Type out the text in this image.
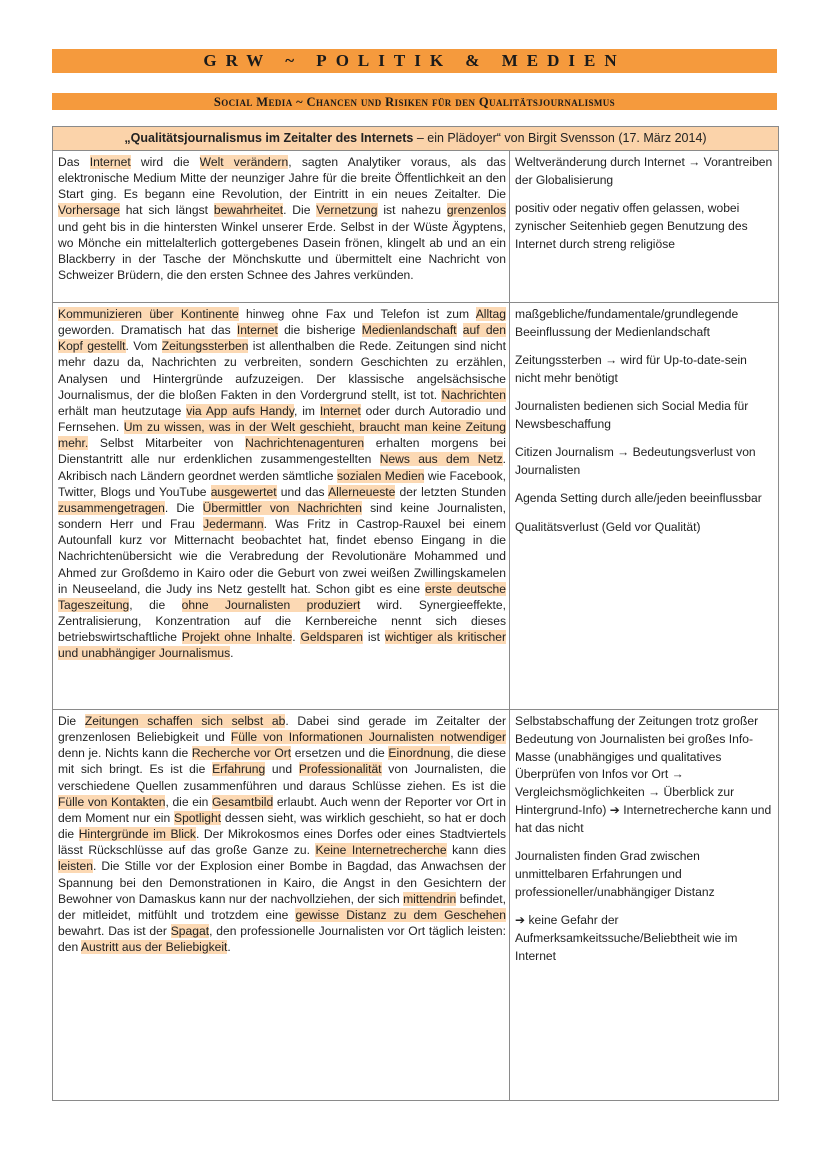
GRW ~ POLITIK & MEDIEN
Social Media ~ Chancen und Risiken für den Qualitätsjournalismus
„Qualitätsjournalismus im Zeitalter des Internets – ein Plädoyer“ von Birgit Svensson (17. März 2014)
Das Internet wird die Welt verändern, sagten Analytiker voraus, als das elektronische Medium Mitte der neunziger Jahre für die breite Öffentlichkeit an den Start ging. Es begann eine Revolution, der Eintritt in ein neues Zeitalter. Die Vorhersage hat sich längst bewahrheitet. Die Vernetzung ist nahezu grenzenlos und geht bis in die hintersten Winkel unserer Erde. Selbst in der Wüste Ägyptens, wo Mönche ein mittelalterlich gottergebenes Dasein frönen, klingelt ab und an ein Blackberry in der Tasche der Mönchskutte und übermittelt eine Nachricht von Schweizer Brüdern, die den ersten Schnee des Jahres verkünden.

Weltveränderung durch Internet → Vorantreiben der Globalisierung

positiv oder negativ offen gelassen, wobei zynischer Seitenhieb gegen Benutzung des Internet durch streng religiöse

Kommunizieren über Kontinente hinweg ohne Fax und Telefon ist zum Alltag geworden. Dramatisch hat das Internet die bisherige Medienlandschaft auf den Kopf gestellt. Vom Zeitungssterben ist allenthalben die Rede. Zeitungen sind nicht mehr dazu da, Nachrichten zu verbreiten, sondern Geschichten zu erzählen, Analysen und Hintergründe aufzuzeigen. Der klassische angelsächsische Journalismus, der die bloßen Fakten in den Vordergrund stellt, ist tot. Nachrichten erhält man heutzutage via App aufs Handy, im Internet oder durch Autoradio und Fernsehen. Um zu wissen, was in der Welt geschieht, braucht man keine Zeitung mehr. Selbst Mitarbeiter von Nachrichtenagenturen erhalten morgens bei Dienstantritt alle nur erdenklichen zusammengestellten News aus dem Netz. Akribisch nach Ländern geordnet werden sämtliche sozialen Medien wie Facebook, Twitter, Blogs und YouTube ausgewertet und das Allerneueste der letzten Stunden zusammengetragen. Die Übermittler von Nachrichten sind keine Journalisten, sondern Herr und Frau Jedermann. Was Fritz in Castrop-Rauxel bei einem Autounfall kurz vor Mitternacht beobachtet hat, findet ebenso Eingang in die Nachrichtenübersicht wie die Verabredung der Revolutionäre Mohammed und Ahmed zur Großdemo in Kairo oder die Geburt von zwei weißen Zwillingskamelen in Neuseeland, die Judy ins Netz gestellt hat. Schon gibt es eine erste deutsche Tageszeitung, die ohne Journalisten produziert wird. Synergieeffekte, Zentralisierung, Konzentration auf die Kernbereiche nennt sich dieses betriebswirtschaftliche Projekt ohne Inhalte. Geldsparen ist wichtiger als kritischer und unabhängiger Journalismus.

maßgebliche/fundamentale/grundlegende Beeinflussung der Medienlandschaft

Zeitungssterben → wird für Up-to-date-sein nicht mehr benötigt

Journalisten bedienen sich Social Media für Newsbeschaffung

Citizen Journalism → Bedeutungsverlust von Journalisten

Agenda Setting durch alle/jeden beeinflussbar

Qualitätsverlust (Geld vor Qualität)

Die Zeitungen schaffen sich selbst ab. Dabei sind gerade im Zeitalter der grenzenlosen Beliebigkeit und Fülle von Informationen Journalisten notwendiger denn je. Nichts kann die Recherche vor Ort ersetzen und die Einordnung, die diese mit sich bringt. Es ist die Erfahrung und Professionalität von Journalisten, die verschiedene Quellen zusammenführen und daraus Schlüsse ziehen. Es ist die Fülle von Kontakten, die ein Gesamtbild erlaubt. Auch wenn der Reporter vor Ort in dem Moment nur ein Spotlight dessen sieht, was wirklich geschieht, so hat er doch die Hintergründe im Blick. Der Mikrokosmos eines Dorfes oder eines Stadtviertels lässt Rückschlüsse auf das große Ganze zu. Keine Internetrecherche kann dies leisten. Die Stille vor der Explosion einer Bombe in Bagdad, das Anwachsen der Spannung bei den Demonstrationen in Kairo, die Angst in den Gesichtern der Bewohner von Damaskus kann nur der nachvollziehen, der sich mittendrin befindet, der mitleidet, mitfühlt und trotzdem eine gewisse Distanz zu dem Geschehen bewahrt. Das ist der Spagat, den professionelle Journalisten vor Ort täglich leisten: den Austritt aus der Beliebigkeit.

Selbstabschaffung der Zeitungen trotz großer Bedeutung von Journalisten bei großes Info-Masse (unabhängiges und qualitatives Überprüfen von Infos vor Ort → Vergleichsmöglichkeiten → Überblick zur Hintergrund-Info) ➔ Internetrecherche kann und hat das nicht

Journalisten finden Grad zwischen unmittelbaren Erfahrungen und professioneller/unabhängiger Distanz

➔ keine Gefahr der Aufmerksamkeitssuche/Beliebtheit wie im Internet
